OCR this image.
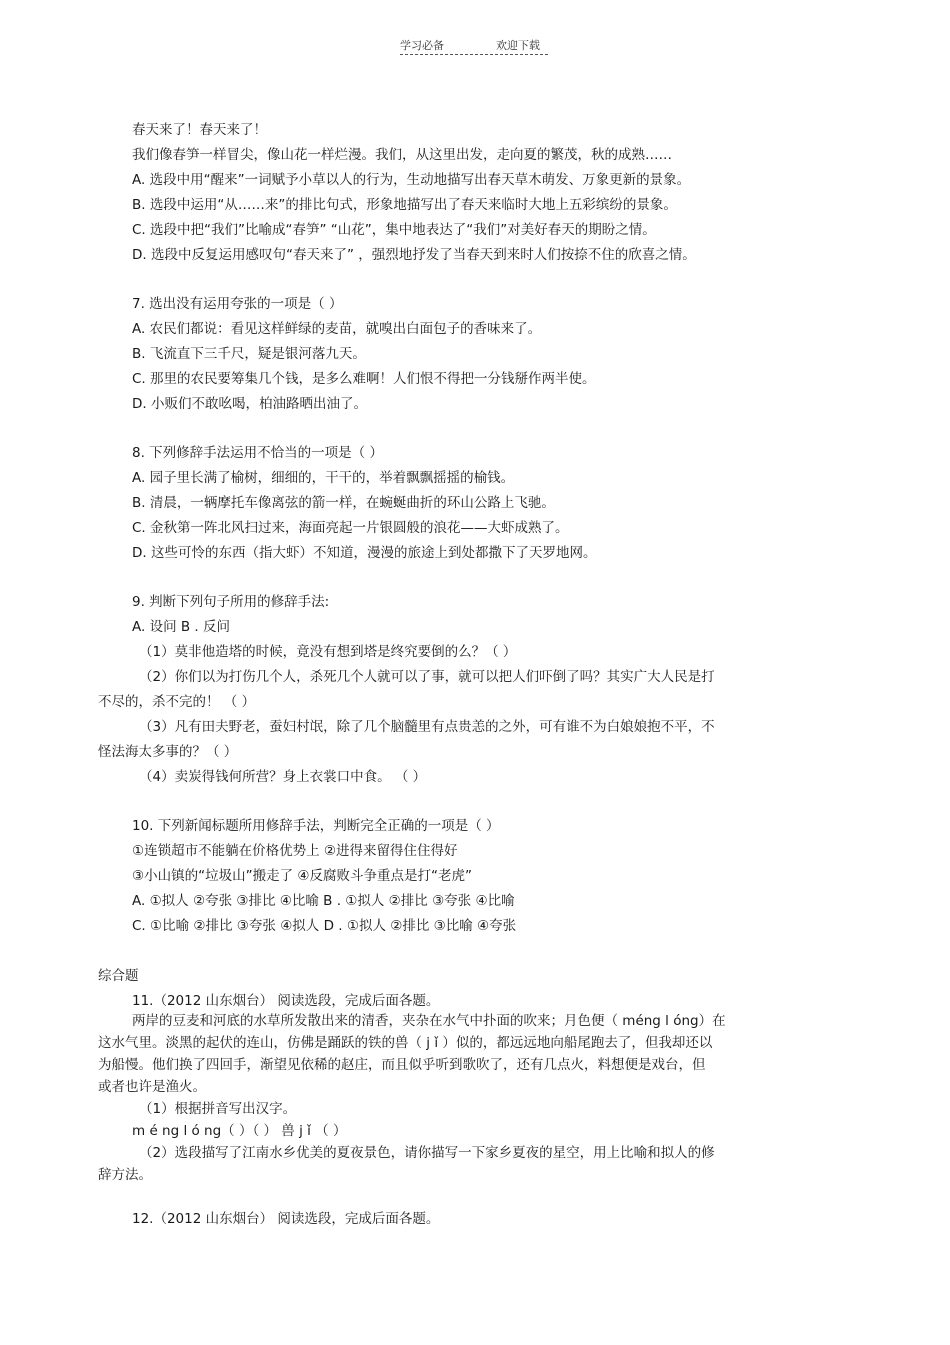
学习必备	欢迎下载
春天来了！春天来了！
我们像春笋一样冒尖，像山花一样烂漫。我们，从这里出发，走向夏的繁茂，秋的成熟……
A. 选段中用“醒来”一词赋予小草以人的行为，生动地描写出春天草木萌发、万象更新的景象。
B. 选段中运用“从……来”的排比句式，形象地描写出了春天来临时大地上五彩缤纷的景象。
C. 选段中把“我们”比喻成“春笋” “山花”，集中地表达了“我们”对美好春天的期盼之情。
D. 选段中反复运用感叹句“春天来了” ，强烈地抒发了当春天到来时人们按捺不住的欣喜之情。
7. 选出没有运用夸张的一项是（ ）
A. 农民们都说：看见这样鲜绿的麦苗，就嗅出白面包子的香味来了。
B. 飞流直下三千尺，疑是银河落九天。
C. 那里的农民要筹集几个钱，是多么难啊！人们恨不得把一分钱掰作两半使。
D. 小贩们不敢吆喝，柏油路晒出油了。
8. 下列修辞手法运用不恰当的一项是（ ）
A. 园子里长满了榆树，细细的，干干的，举着飘飘摇摇的榆钱。
B. 清晨，一辆摩托车像离弦的箭一样，在蜿蜒曲折的环山公路上飞驰。
C. 金秋第一阵北风扫过来，海面亮起一片银圆般的浪花——大虾成熟了。
D. 这些可怜的东西（指大虾）不知道，漫漫的旅途上到处都撒下了天罗地网。
9. 判断下列句子所用的修辞手法:
A. 设问 B . 反问
（1）莫非他造塔的时候，竟没有想到塔是终究要倒的么？（ ）
（2）你们以为打伤几个人，杀死几个人就可以了事，就可以把人们吓倒了吗？其实广大人民是打
不尽的，杀不完的！ （ ）
（3）凡有田夫野老，蚕妇村氓，除了几个脑髓里有点贵恙的之外，可有谁不为白娘娘抱不平，不
怪法海太多事的？（ ）
（4）卖炭得钱何所营？身上衣裳口中食。 （ ）
10. 下列新闻标题所用修辞手法，判断完全正确的一项是（ ）
①连锁超市不能躺在价格优势上 ②进得来留得住住得好
③小山镇的“垃圾山”搬走了 ④反腐败斗争重点是打“老虎”
A. ①拟人 ②夸张 ③排比 ④比喻 B . ①拟人 ②排比 ③夸张 ④比喻
C. ①比喻 ②排比 ③夸张 ④拟人 D . ①拟人 ②排比 ③比喻 ④夸张
综合题
11.（2012 山东烟台） 阅读选段，完成后面各题。
两岸的豆麦和河底的水草所发散出来的清香，夹杂在水气中扑面的吹来；月色便（ méng l óng）在
这水气里。淡黑的起伏的连山，仿佛是踊跃的铁的兽（ j ǐ ）似的，都远远地向船尾跑去了，但我却还以
为船慢。他们换了四回手，渐望见依稀的赵庄，而且似乎听到歌吹了，还有几点火，料想便是戏台，但
或者也许是渔火。
（1）根据拼音写出汉字。
m é ng l ó ng（ ）（ ） 兽 j ǐ （ ）
（2）选段描写了江南水乡优美的夏夜景色，请你描写一下家乡夏夜的星空，用上比喻和拟人的修
辞方法。
12.（2012 山东烟台） 阅读选段，完成后面各题。
